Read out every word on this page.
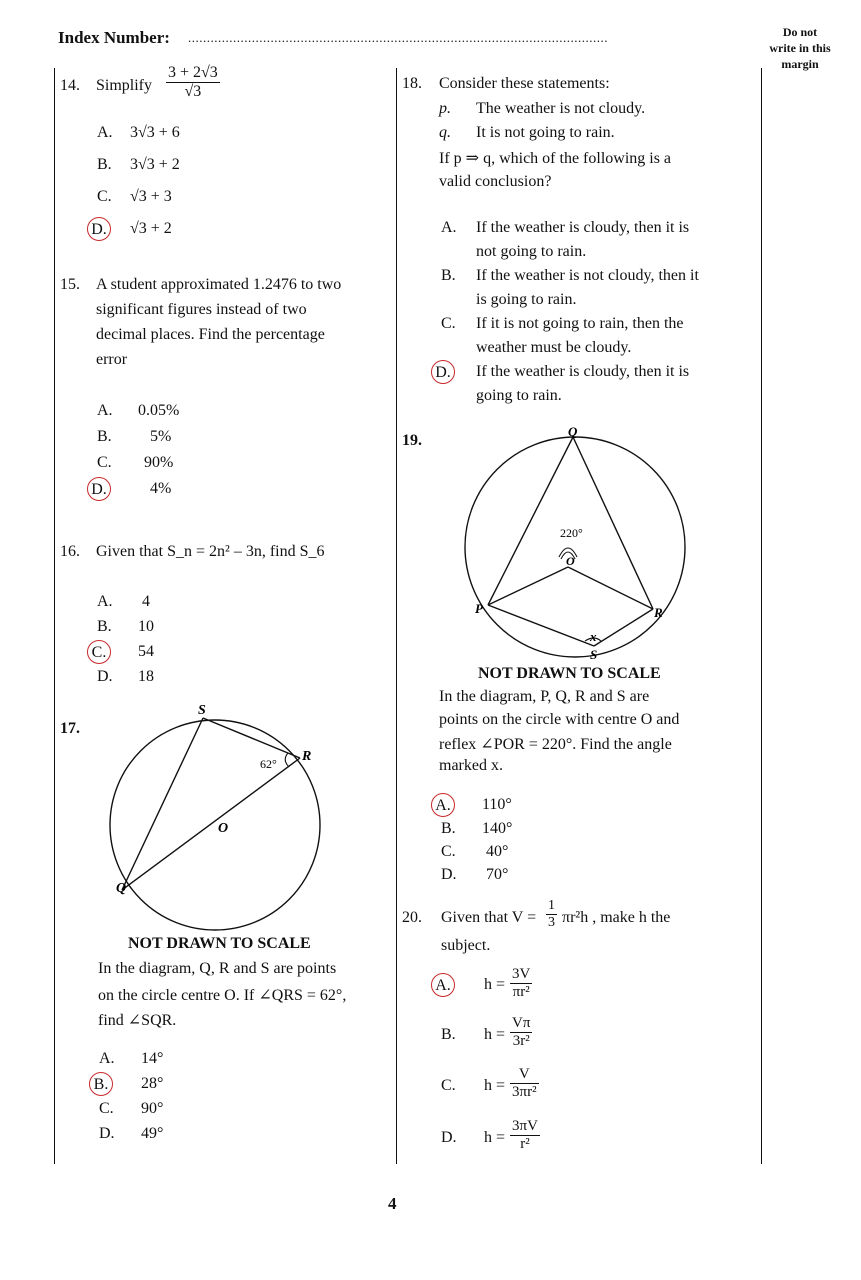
Index Number: ................................................................................................................	Do not
write in this
margin
14. Simplify $\frac{3 + 2√3}{√3}$
A. 3√3 + 6
B. 3√3 + 2
C. √3 + 3
D. √3 + 2
15. A student approximated 1.2476 to two
significant figures instead of two
decimal places. Find the percentage
error
A. 0.05%
B. 5%
C. 90%
D.	4%
16. Given that S_n = 2n² – 3n, find S_6
A. 4
B. 10
C. 54
D. 18
17.
S
R
Q
O
62°
NOT DRAWN TO SCALE
In the diagram, Q, R and S are points
on the circle centre O. If ∠QRS = 62°,
find ∠SQR.
A. 14°
B. 28°
C. 90°
D. 49°
18. Consider these statements:
p. The weather is not cloudy.
q. It is not going to rain.
If p ⇒ q, which of the following is a
valid conclusion?
A. If the weather is cloudy, then it is
not going to rain.
B. If the weather is not cloudy, then it
is going to rain.
C. If it is not going to rain, then the
weather must be cloudy.
D. If the weather is cloudy, then it is
going to rain.
19.
Q
P	R
S
O
x
220°
NOT DRAWN TO SCALE
In the diagram, P, Q, R and S are
points on the circle with centre O and
reflex ∠POR = 220°. Find the angle
marked x.
A. 110°
B. 140°
C. 40°
D. 70°
20. Given that $V = \frac{1}{3} \pi r^2h$ , make h the
subject.
A. $h = \frac{3V}{\text{πr²}}$
B. $h = \frac{V\pi}{\text{3r²}}$
C. $h = \frac{V}{\text{3πr²}}$
D. $h = \frac{3\pi V}{\text{r²}}$
4
